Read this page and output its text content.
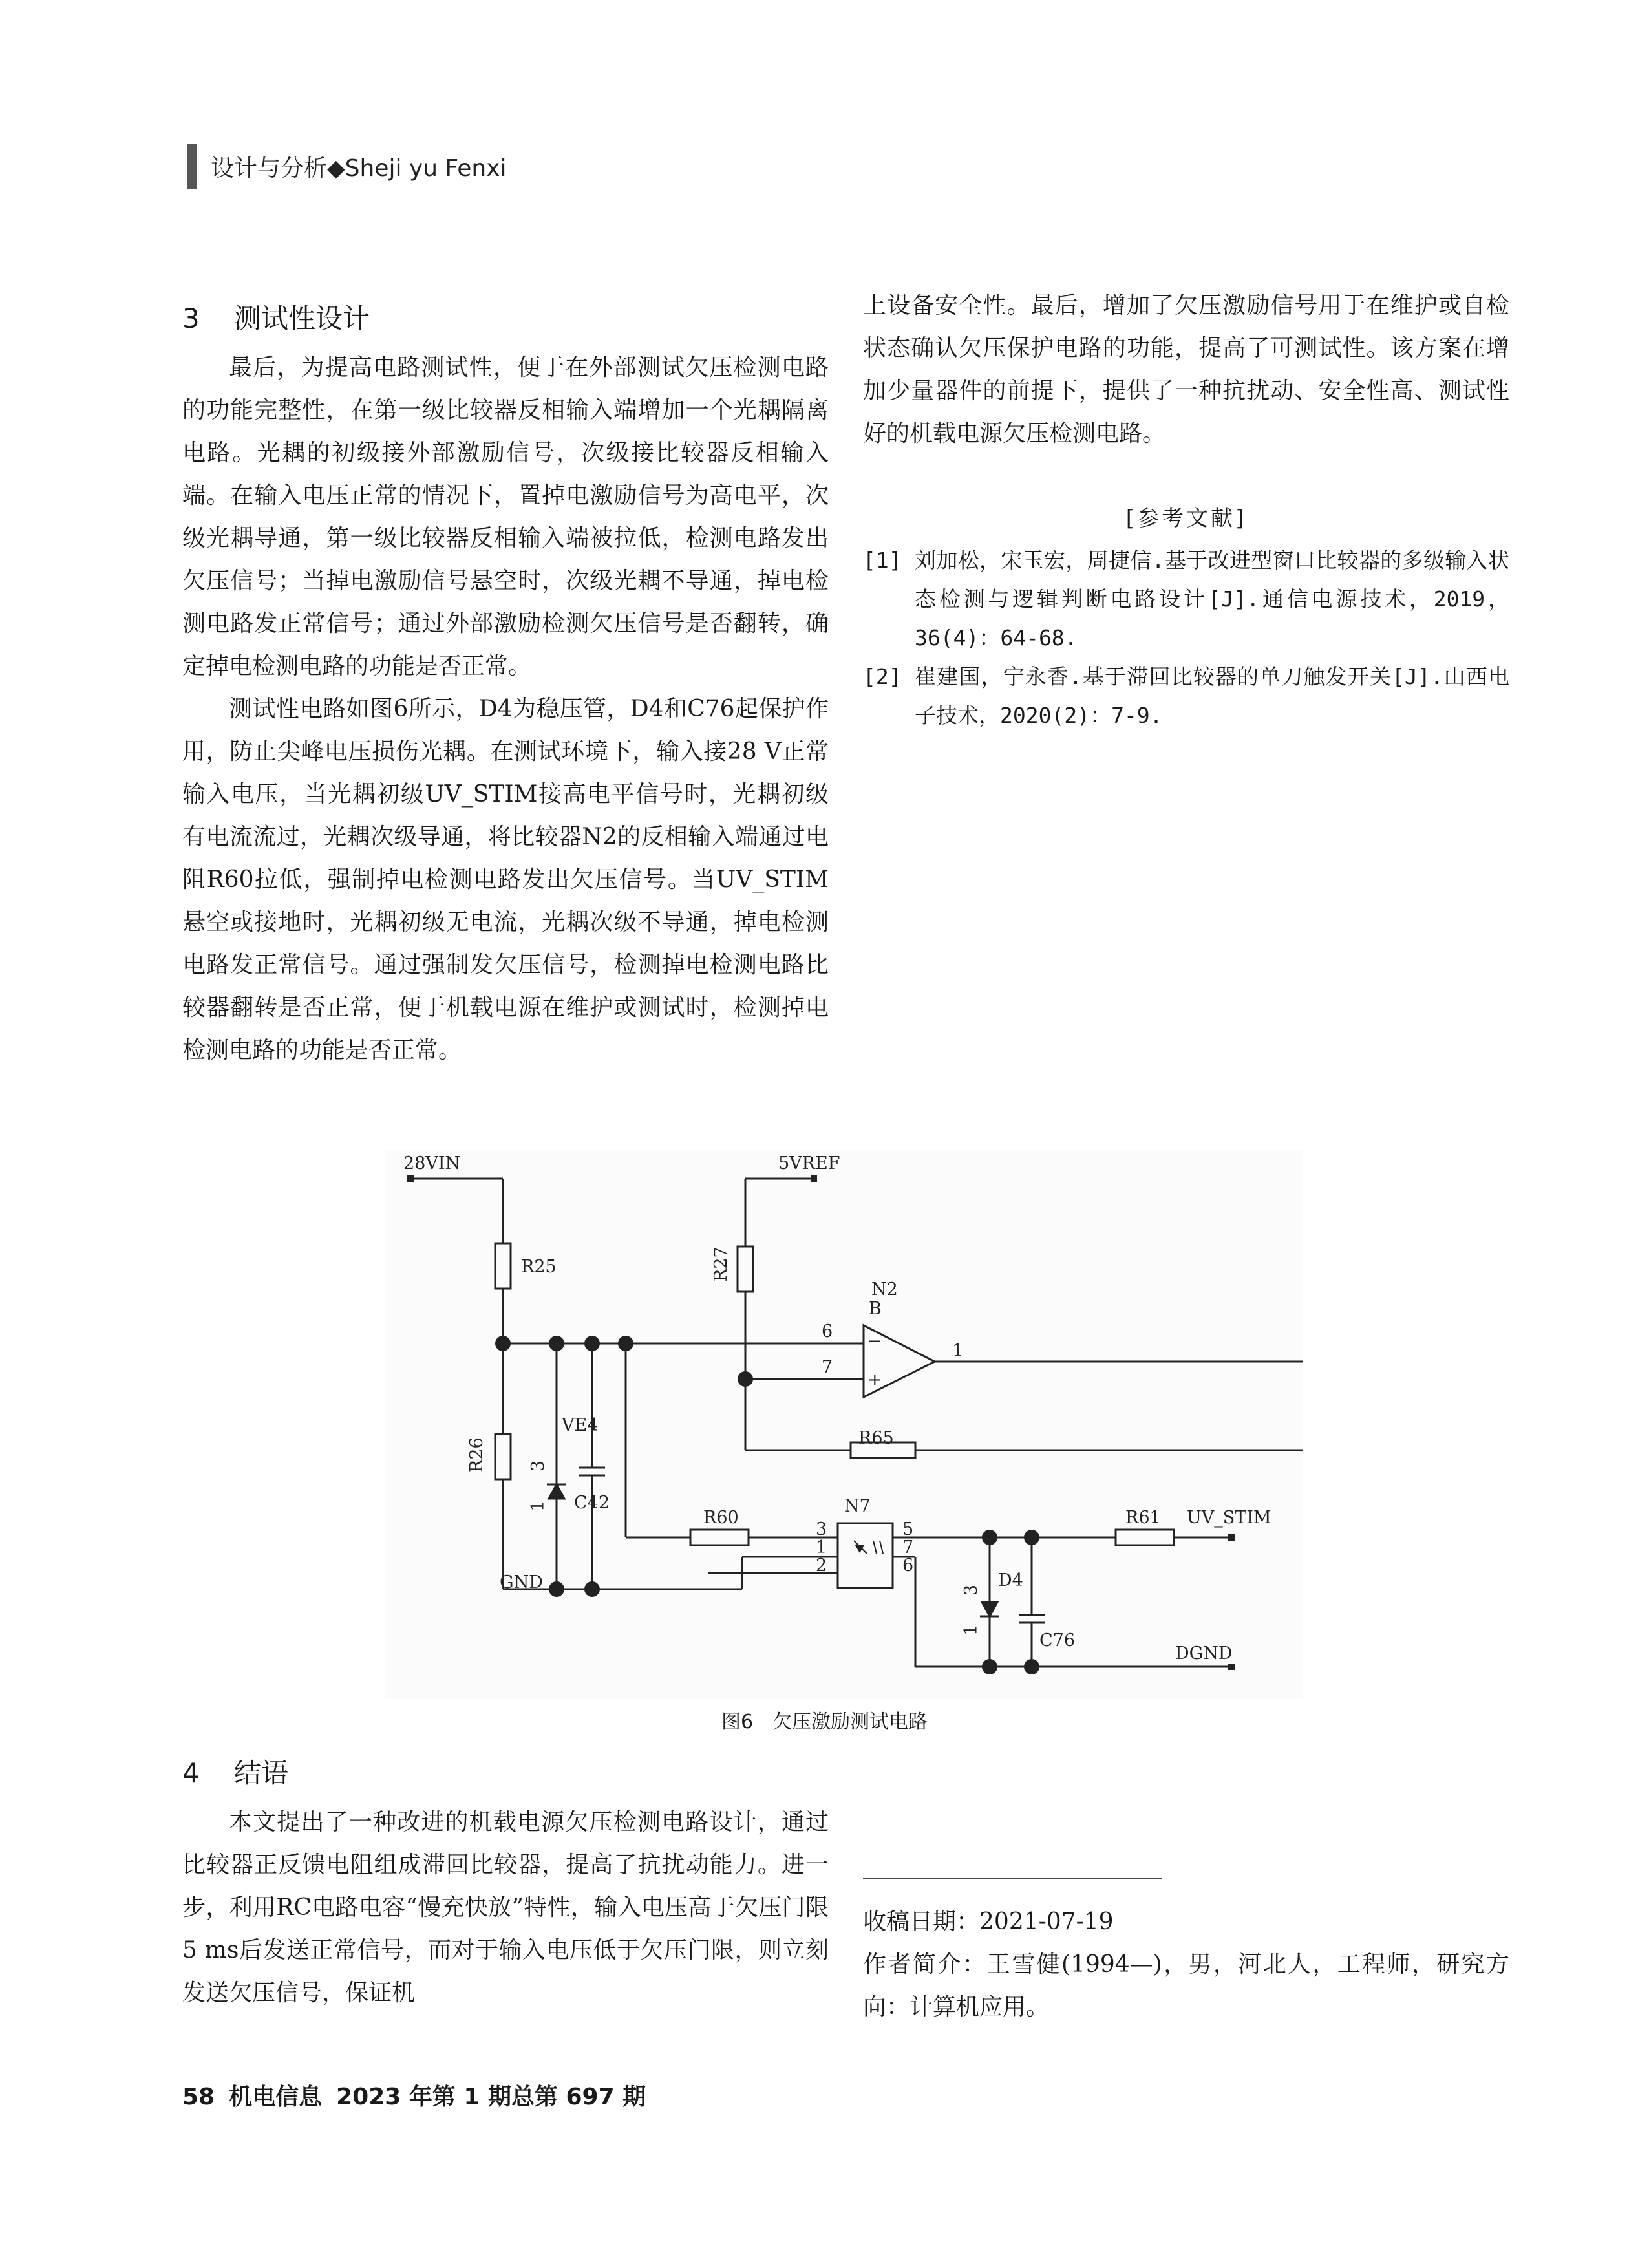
设计与分析◆Sheji yu Fenxi
3 测试性设计

最后，为提高电路测试性，便于在外部测试欠压检测电路的功能完整性，在第一级比较器反相输入端增加一个光耦隔离电路。光耦的初级接外部激励信号，次级接比较器反相输入端。在输入电压正常的情况下，置掉电激励信号为高电平，次级光耦导通，第一级比较器反相输入端被拉低，检测电路发出欠压信号；当掉电激励信号悬空时，次级光耦不导通，掉电检测电路发正常信号；通过外部激励检测欠压信号是否翻转，确定掉电检测电路的功能是否正常。

测试性电路如图6所示，D4为稳压管，D4和C76起保护作用，防止尖峰电压损伤光耦。在测试环境下，输入接28 V正常输入电压，当光耦初级UV_STIM接高电平信号时，光耦初级有电流流过，光耦次级导通，将比较器N2的反相输入端通过电阻R60拉低，强制掉电检测电路发出欠压信号。当UV_STIM悬空或接地时，光耦初级无电流，光耦次级不导通，掉电检测电路发正常信号。通过强制发欠压信号，检测掉电检测电路比较器翻转是否正常，便于机载电源在维护或测试时，检测掉电检测电路的功能是否正常。

上设备安全性。最后，增加了欠压激励信号用于在维护或自检状态确认欠压保护电路的功能，提高了可测试性。该方案在增加少量器件的前提下，提供了一种抗扰动、安全性高、测试性好的机载电源欠压检测电路。

[参考文献]
[1] 刘加松，宋玉宏，周捷信.基于改进型窗口比较器的多级输入状态检测与逻辑判断电路设计[J].通信电源技术，2019，36(4)：64-68.
[2] 崔建国，宁永香.基于滞回比较器的单刀触发开关[J].山西电子技术，2020(2)：7-9.
28VIN	5VREF
R25	R27
B
N2
6
7
1
−
+
VE4
R26 3
1 C42
R65
R60
N7
3
1
2
5
7
6
GND	3
1
D4
C76
R61 UV_STIM
DGND
图6　欠压激励测试电路
4 结语

本文提出了一种改进的机载电源欠压检测电路设计，通过比较器正反馈电阻组成滞回比较器，提高了抗扰动能力。进一步，利用RC电路电容“慢充快放”特性，输入电压高于欠压门限5 ms后发送正常信号，而对于输入电压低于欠压门限，则立刻发送欠压信号，保证机

收稿日期：2021-07-19
作者简介：王雪健(1994—)，男，河北人，工程师，研究方向：计算机应用。
58 机电信息 2023 年第 1 期总第 697 期
